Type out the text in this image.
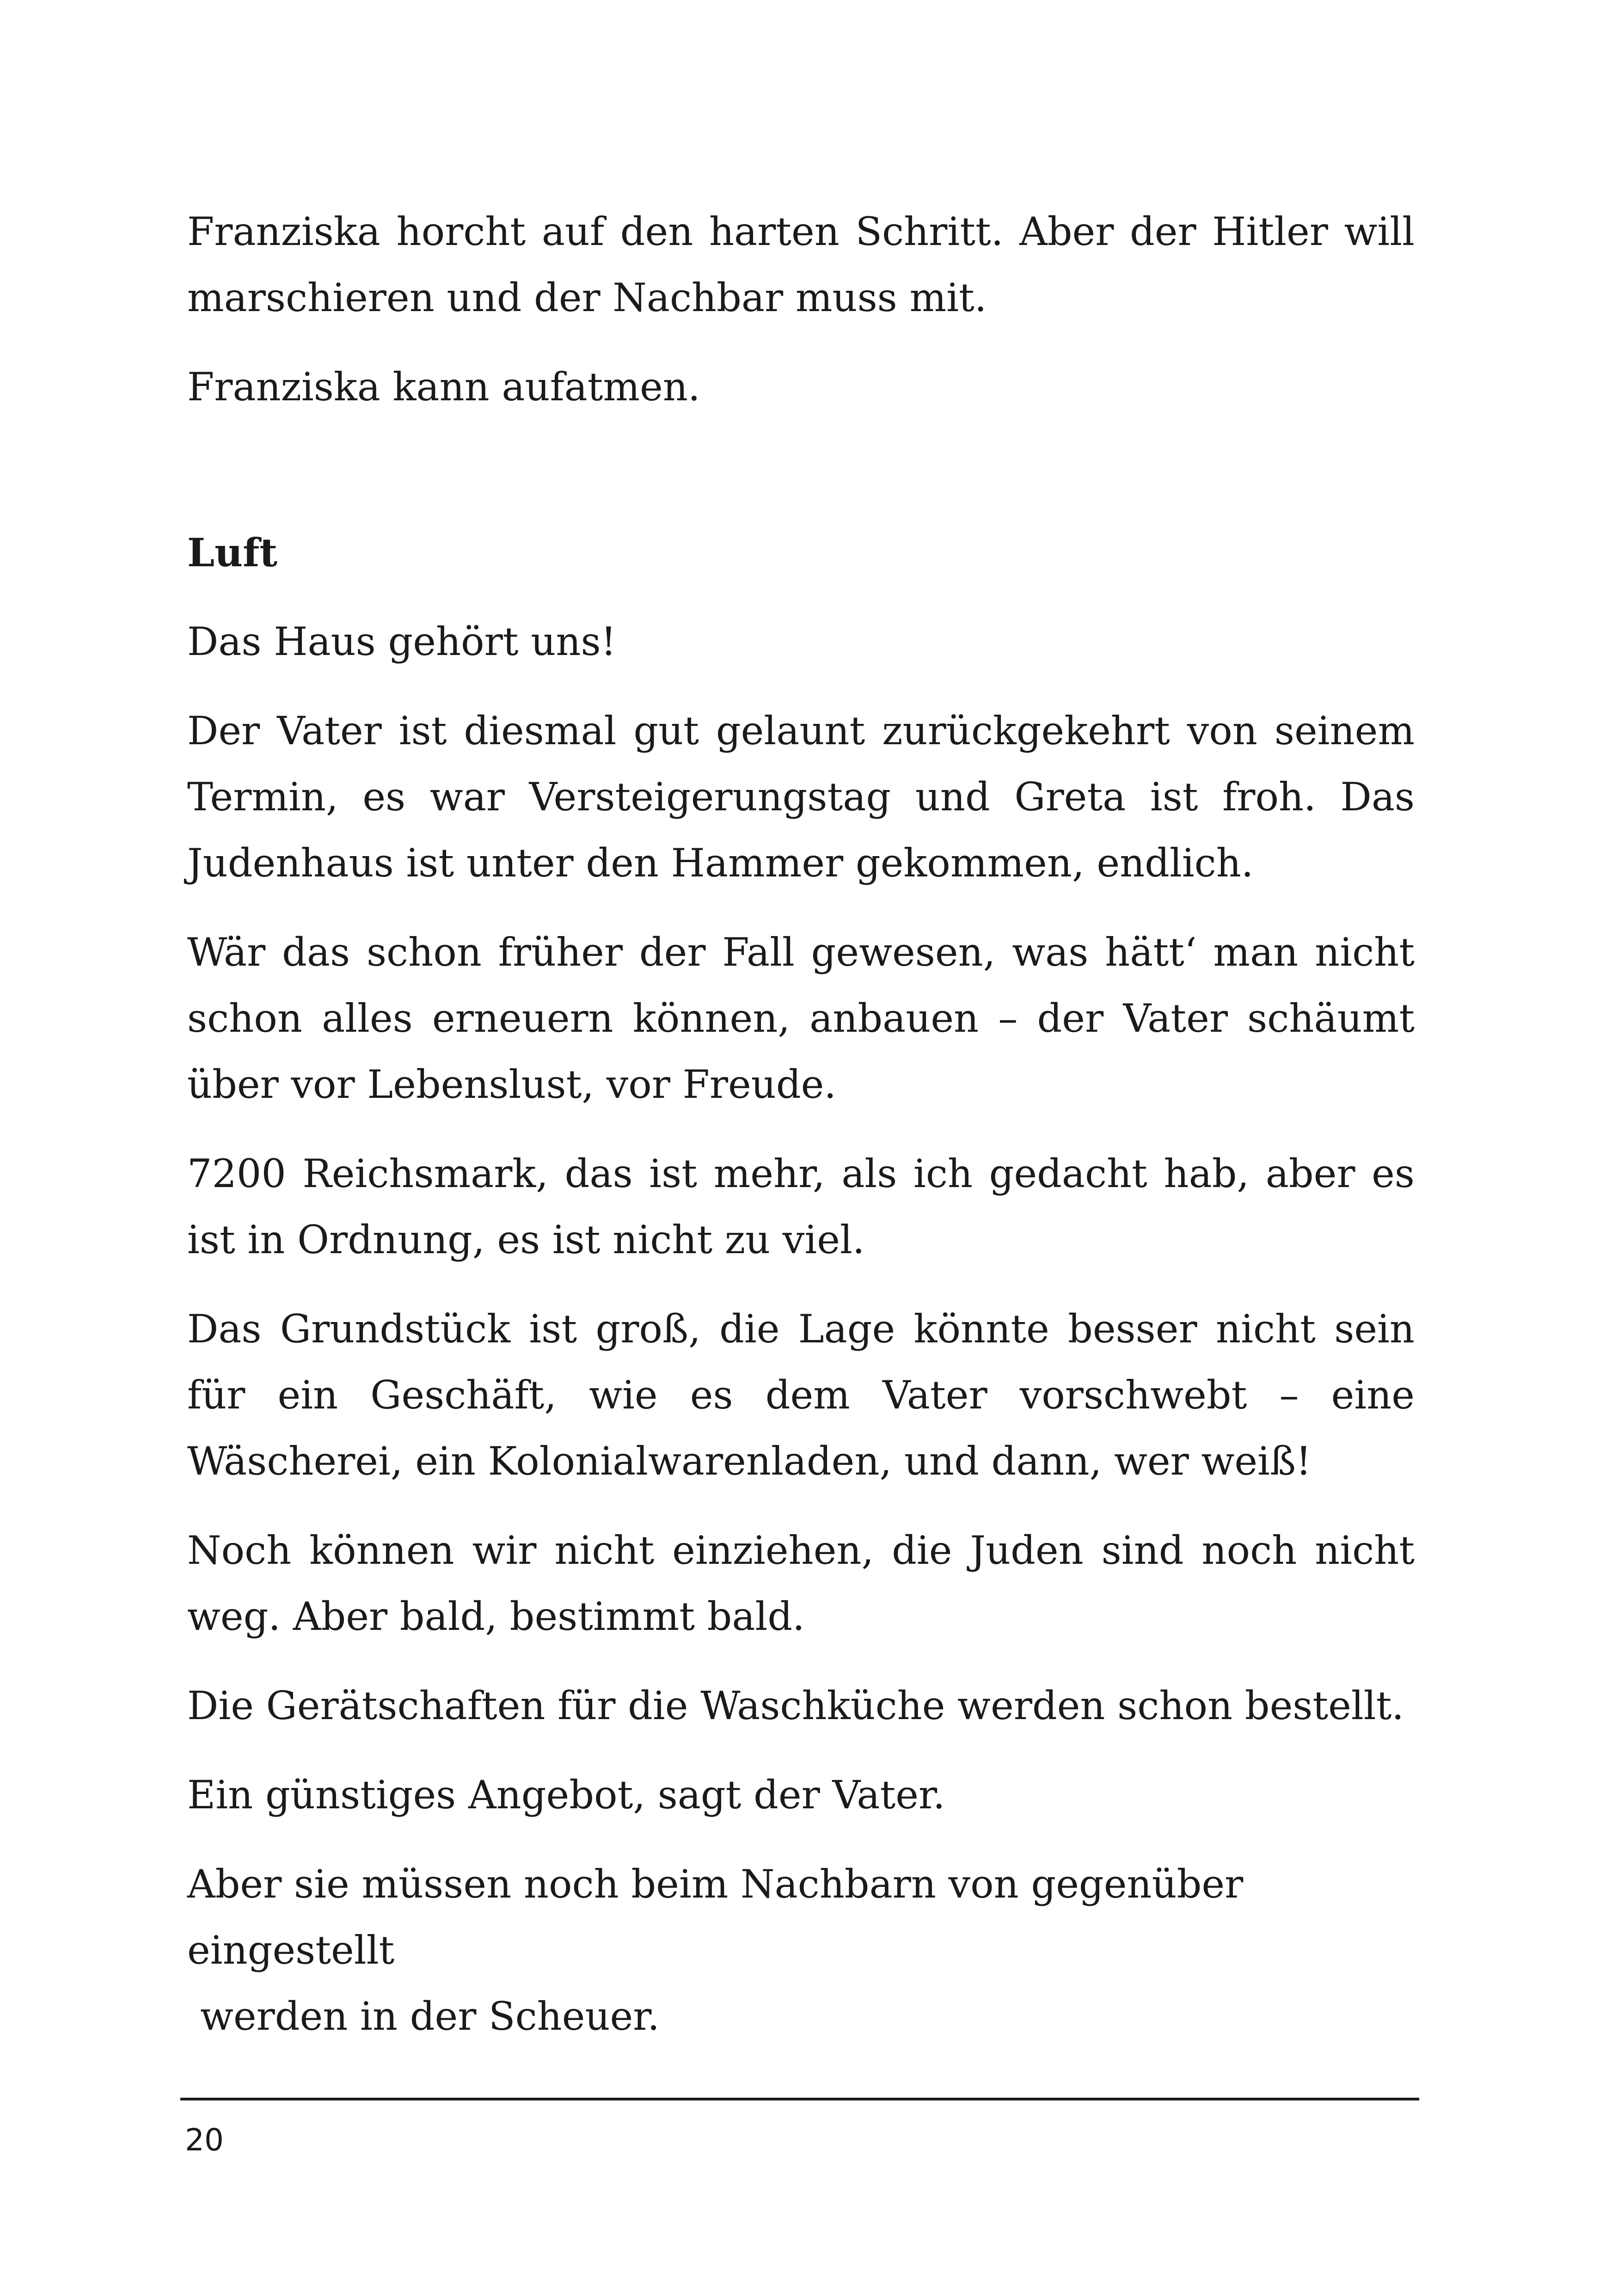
Franziska horcht auf den harten Schritt. Aber der Hitler will marschieren und der Nachbar muss mit.

Franziska kann aufatmen.

Luft

Das Haus gehört uns!

Der Vater ist diesmal gut gelaunt zurückgekehrt von seinem Termin, es war Versteigerungstag und Greta ist froh. Das Judenhaus ist unter den Hammer gekommen, endlich.

Wär das schon früher der Fall gewesen, was hätt‘ man nicht schon alles erneuern können, anbauen – der Vater schäumt über vor Lebenslust, vor Freude.

7200 Reichsmark, das ist mehr, als ich gedacht hab, aber es ist in Ordnung, es ist nicht zu viel.

Das Grundstück ist groß, die Lage könnte besser nicht sein für ein Geschäft, wie es dem Vater vorschwebt – eine Wäscherei, ein Kolonialwarenladen, und dann, wer weiß!

Noch können wir nicht einziehen, die Juden sind noch nicht weg. Aber bald, bestimmt bald.

Die Gerätschaften für die Waschküche werden schon bestellt.

Ein günstiges Angebot, sagt der Vater.

Aber sie müssen noch beim Nachbarn von gegenüber eingestellt
werden in der Scheuer.

20
